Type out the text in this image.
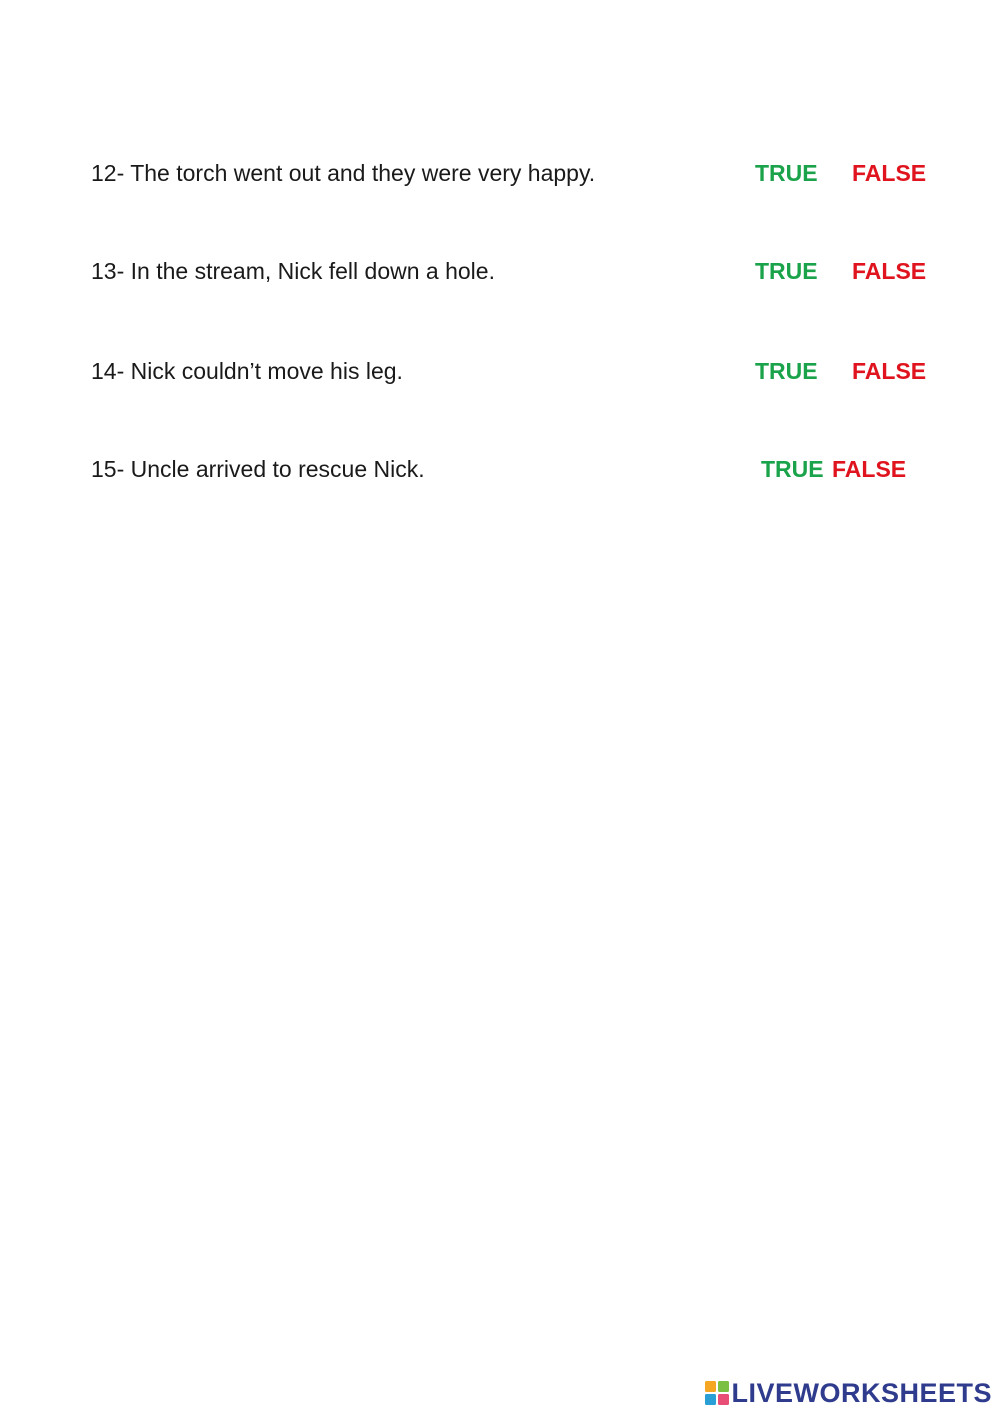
12- The torch went out and they were very happy.	TRUE FALSE
13- In the stream, Nick fell down a hole.	TRUE FALSE
14- Nick couldn’t move his leg.	TRUE FALSE
15- Uncle arrived to rescue Nick.	TRUE FALSE
LIVEWORKSHEETS
